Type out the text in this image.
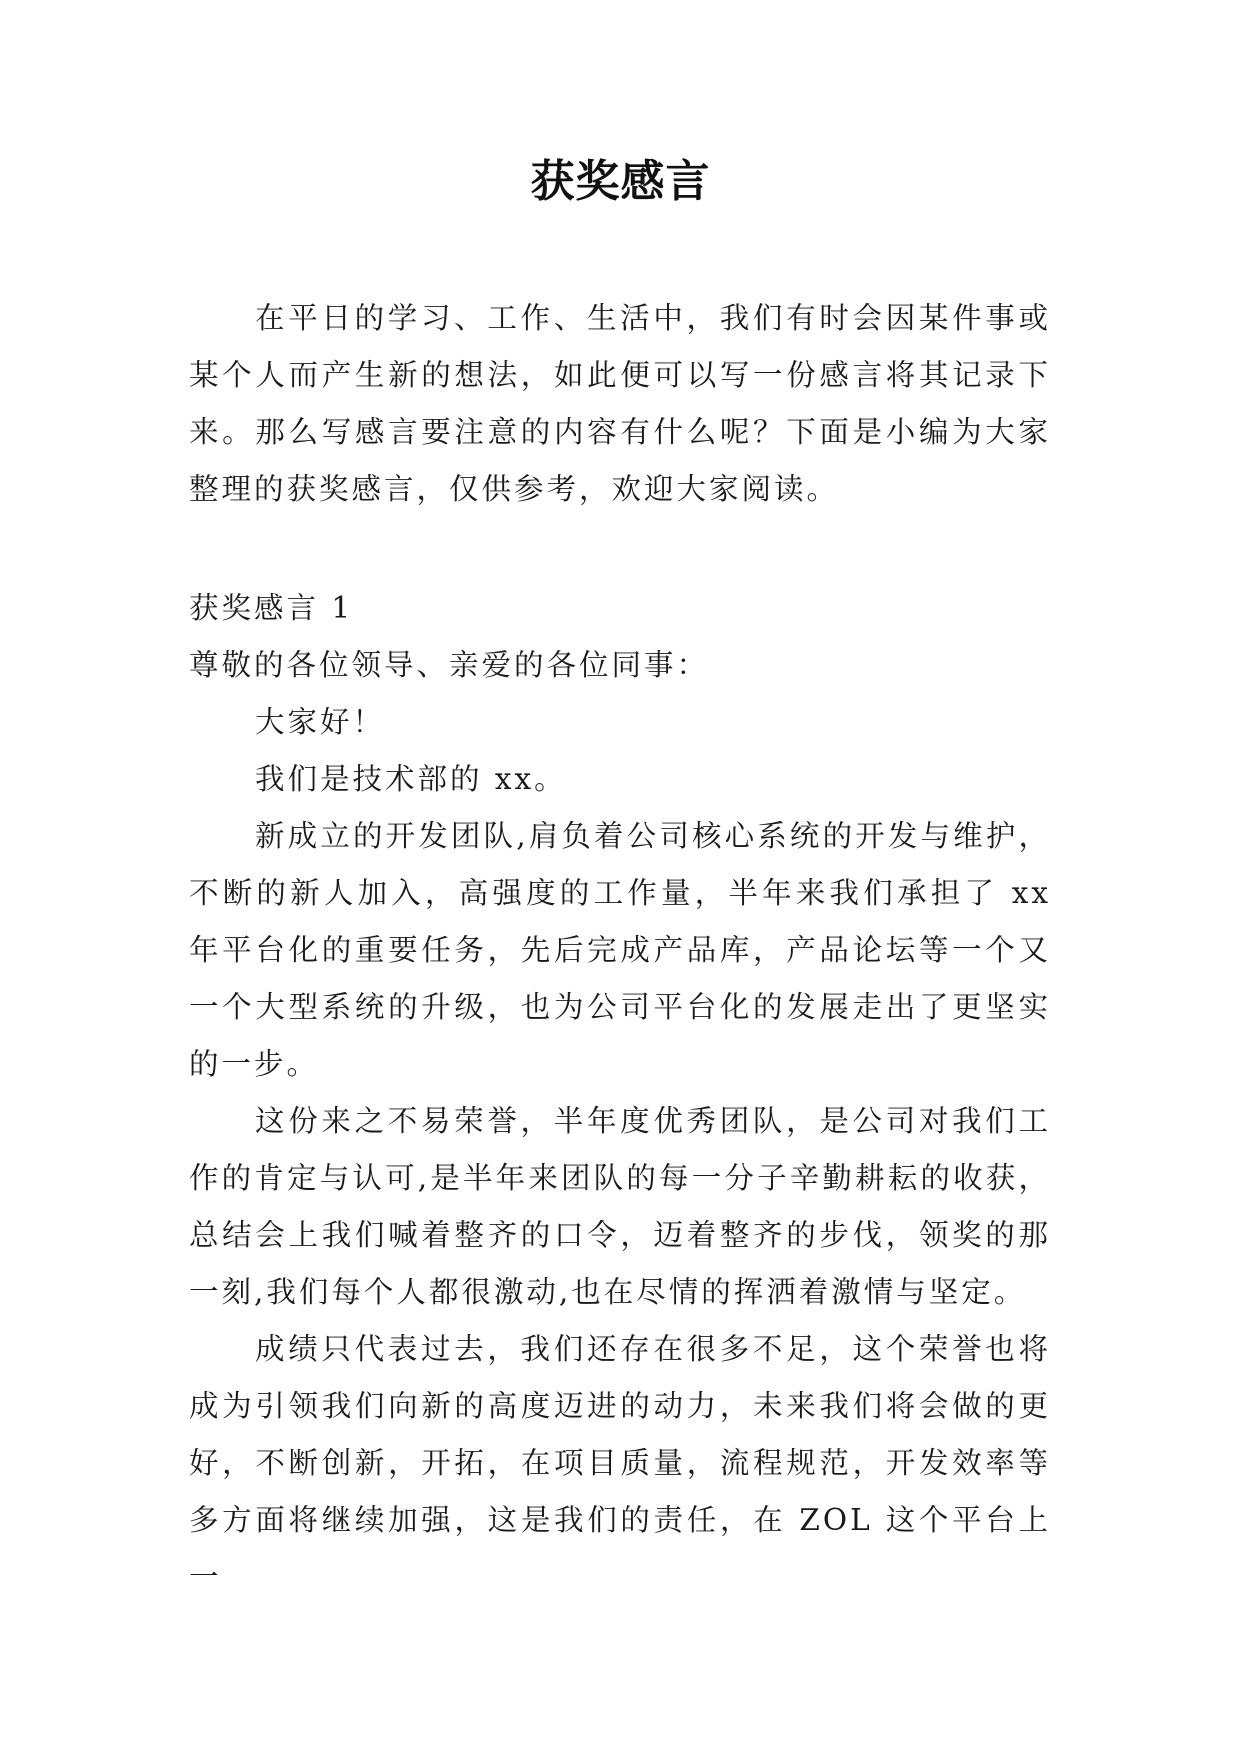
获奖感言

在平日的学习、工作、生活中，我们有时会因某件事或某个人而产生新的想法，如此便可以写一份感言将其记录下来。那么写感言要注意的内容有什么呢？下面是小编为大家整理的获奖感言，仅供参考，欢迎大家阅读。

获奖感言 1

尊敬的各位领导、亲爱的各位同事：

大家好！

我们是技术部的 xx。

新成立的开发团队,肩负着公司核心系统的开发与维护，不断的新人加入，高强度的工作量，半年来我们承担了 xx年平台化的重要任务，先后完成产品库，产品论坛等一个又一个大型系统的升级，也为公司平台化的发展走出了更坚实的一步。

这份来之不易荣誉，半年度优秀团队，是公司对我们工作的肯定与认可,是半年来团队的每一分子辛勤耕耘的收获，总结会上我们喊着整齐的口令，迈着整齐的步伐，领奖的那一刻,我们每个人都很激动,也在尽情的挥洒着激情与坚定。

成绩只代表过去，我们还存在很多不足，这个荣誉也将成为引领我们向新的高度迈进的动力，未来我们将会做的更好，不断创新，开拓，在项目质量，流程规范，开发效率等多方面将继续加强，这是我们的责任，在 ZOL 这个平台上一
